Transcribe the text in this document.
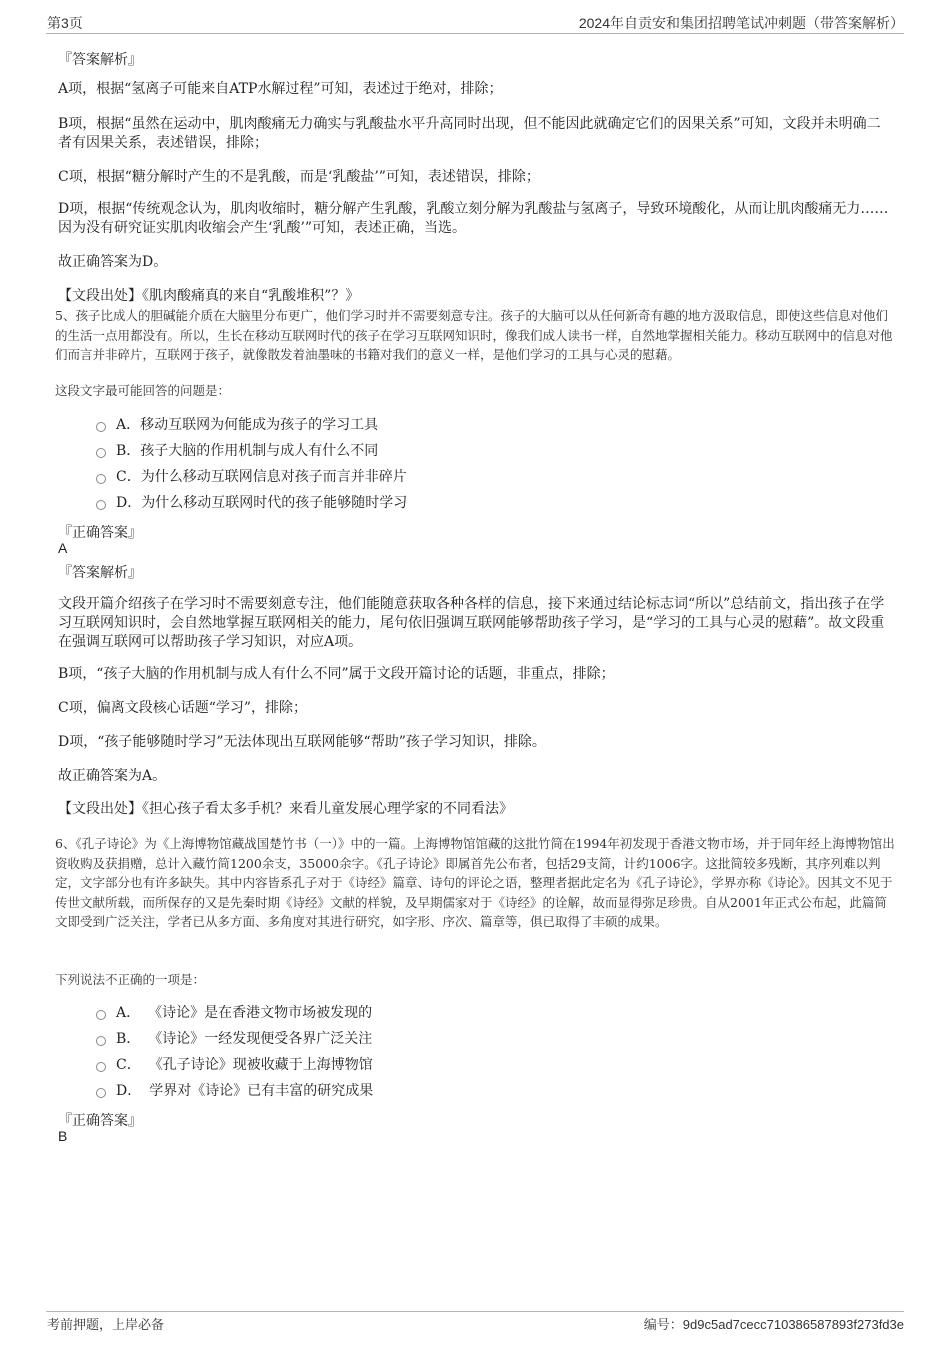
第3页	2024年自贡安和集团招聘笔试冲刺题（带答案解析）
『答案解析』
A项，根据“氢离子可能来自ATP水解过程”可知，表述过于绝对，排除；
B项，根据“虽然在运动中，肌肉酸痛无力确实与乳酸盐水平升高同时出现，但不能因此就确定它们的因果关系”可知，文段并未明确二者有因果关系，表述错误，排除；
C项，根据“糖分解时产生的不是乳酸，而是‘乳酸盐’”可知，表述错误，排除；
D项，根据“传统观念认为，肌肉收缩时，糖分解产生乳酸，乳酸立刻分解为乳酸盐与氢离子，导致环境酸化，从而让肌肉酸痛无力……因为没有研究证实肌肉收缩会产生‘乳酸’”可知，表述正确，当选。
故正确答案为D。
【文段出处】《肌肉酸痛真的来自“乳酸堆积”？》
5、孩子比成人的胆碱能介质在大脑里分布更广，他们学习时并不需要刻意专注。孩子的大脑可以从任何新奇有趣的地方汲取信息，即使这些信息对他们的生活一点用都没有。所以，生长在移动互联网时代的孩子在学习互联网知识时，像我们成人读书一样，自然地掌握相关能力。移动互联网中的信息对他们而言并非碎片，互联网于孩子，就像散发着油墨味的书籍对我们的意义一样，是他们学习的工具与心灵的慰藉。
这段文字最可能回答的问题是：
A．移动互联网为何能成为孩子的学习工具
B．孩子大脑的作用机制与成人有什么不同
C．为什么移动互联网信息对孩子而言并非碎片
D．为什么移动互联网时代的孩子能够随时学习
『正确答案』
A
『答案解析』
文段开篇介绍孩子在学习时不需要刻意专注，他们能随意获取各种各样的信息，接下来通过结论标志词“所以”总结前文，指出孩子在学习互联网知识时，会自然地掌握互联网相关的能力，尾句依旧强调互联网能够帮助孩子学习，是“学习的工具与心灵的慰藉”。故文段重在强调互联网可以帮助孩子学习知识，对应A项。
B项，“孩子大脑的作用机制与成人有什么不同”属于文段开篇讨论的话题，非重点，排除；
C项，偏离文段核心话题“学习”，排除；
D项，“孩子能够随时学习”无法体现出互联网能够“帮助”孩子学习知识，排除。
故正确答案为A。
【文段出处】《担心孩子看太多手机？来看儿童发展心理学家的不同看法》
6、《孔子诗论》为《上海博物馆藏战国楚竹书（一）》中的一篇。上海博物馆馆藏的这批竹简在1994年初发现于香港文物市场，并于同年经上海博物馆出资收购及获捐赠，总计入藏竹简1200余支，35000余字。《孔子诗论》即属首先公布者，包括29支简，计约1006字。这批简较多残断，其序列难以判定，文字部分也有许多缺失。其中内容皆系孔子对于《诗经》篇章、诗句的评论之语，整理者据此定名为《孔子诗论》，学界亦称《诗论》。因其文不见于传世文献所载，而所保存的又是先秦时期《诗经》文献的样貌，及早期儒家对于《诗经》的诠解，故而显得弥足珍贵。自从2001年正式公布起，此篇简文即受到广泛关注，学者已从多方面、多角度对其进行研究，如字形、序次、篇章等，俱已取得了丰硕的成果。
下列说法不正确的一项是：
A． 《诗论》是在香港文物市场被发现的
B． 《诗论》一经发现便受各界广泛关注
C． 《孔子诗论》现被收藏于上海博物馆
D． 学界对《诗论》已有丰富的研究成果
『正确答案』
B
考前押题，上岸必备	编号：9d9c5ad7cecc710386587893f273fd3e
